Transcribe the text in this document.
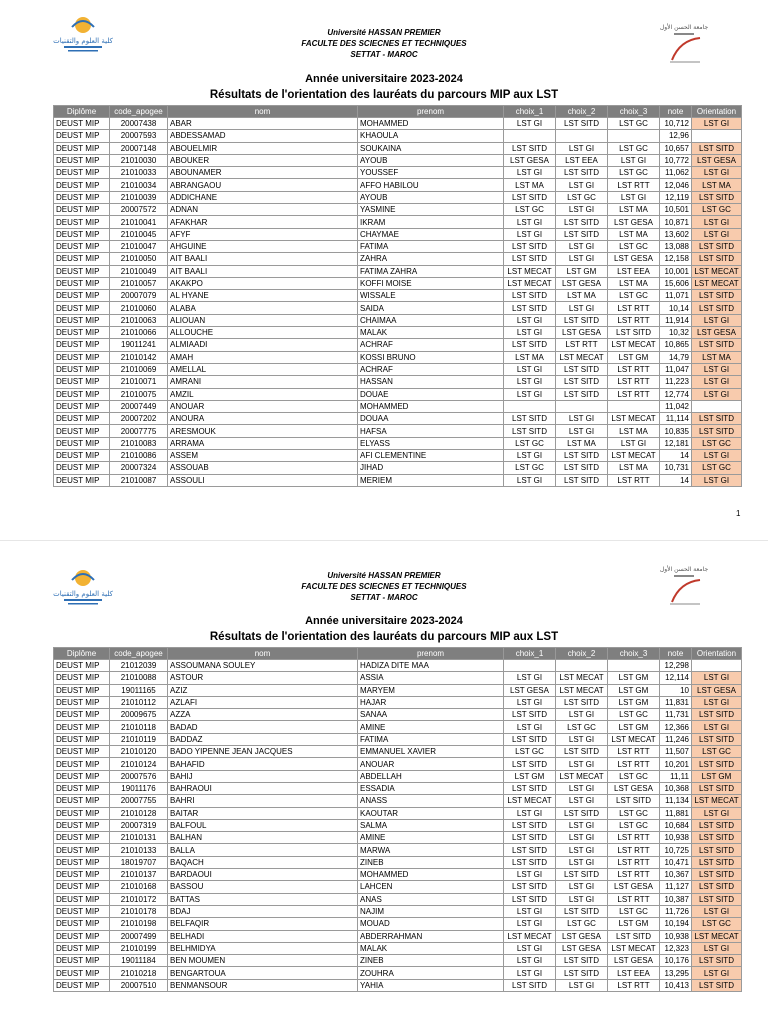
كلية العلوم والتقنيات
Université HASSAN PREMIER
FACULTE DES SCIECNES ET TECHNIQUES
SETTAT - MAROC
جامعة الحسن الأول
Année universitaire 2023-2024
Résultats de l'orientation des lauréats du parcours MIP aux LST
Diplôme	code_apogee	nom	prenom	choix_1	choix_2	choix_3	note	Orientation
DEUST MIP	20007438	ABAR	MOHAMMED	LST GI	LST SITD	LST GC	10,712	LST GI
DEUST MIP	20007593	ABDESSAMAD	KHAOULA				12,96	
DEUST MIP	20007148	ABOUELMIR	SOUKAINA	LST SITD	LST GI	LST GC	10,657	LST SITD
DEUST MIP	21010030	ABOUKER	AYOUB	LST GESA	LST EEA	LST GI	10,772	LST GESA
DEUST MIP	21010033	ABOUNAMER	YOUSSEF	LST GI	LST SITD	LST GC	11,062	LST GI
DEUST MIP	21010034	ABRANGAOU	AFFO HABILOU	LST MA	LST GI	LST RTT	12,046	LST MA
DEUST MIP	21010039	ADDICHANE	AYOUB	LST SITD	LST GC	LST GI	12,119	LST SITD
DEUST MIP	20007572	ADNAN	YASMINE	LST GC	LST GI	LST MA	10,501	LST GC
DEUST MIP	21010041	AFAKHAR	IKRAM	LST GI	LST SITD	LST GESA	10,871	LST GI
DEUST MIP	21010045	AFYF	CHAYMAE	LST GI	LST SITD	LST MA	13,602	LST GI
DEUST MIP	21010047	AHGUINE	FATIMA	LST SITD	LST GI	LST GC	13,088	LST SITD
DEUST MIP	21010050	AIT BAALI	ZAHRA	LST SITD	LST GI	LST GESA	12,158	LST SITD
DEUST MIP	21010049	AIT BAALI	FATIMA ZAHRA	LST MECAT	LST GM	LST EEA	10,001	LST MECAT
DEUST MIP	21010057	AKAKPO	KOFFI MOISE	LST MECAT	LST GESA	LST MA	15,606	LST MECAT
DEUST MIP	20007079	AL HYANE	WISSALE	LST SITD	LST MA	LST GC	11,071	LST SITD
DEUST MIP	21010060	ALABA	SAIDA	LST SITD	LST GI	LST RTT	10,14	LST SITD
DEUST MIP	21010063	ALIOUAN	CHAIMAA	LST GI	LST SITD	LST RTT	11,914	LST GI
DEUST MIP	21010066	ALLOUCHE	MALAK	LST GI	LST GESA	LST SITD	10,32	LST GESA
DEUST MIP	19011241	ALMIAADI	ACHRAF	LST SITD	LST RTT	LST MECAT	10,865	LST SITD
DEUST MIP	21010142	AMAH	KOSSI BRUNO	LST MA	LST MECAT	LST GM	14,79	LST MA
DEUST MIP	21010069	AMELLAL	ACHRAF	LST GI	LST SITD	LST RTT	11,047	LST GI
DEUST MIP	21010071	AMRANI	HASSAN	LST GI	LST SITD	LST RTT	11,223	LST GI
DEUST MIP	21010075	AMZIL	DOUAE	LST GI	LST SITD	LST RTT	12,774	LST GI
DEUST MIP	20007449	ANOUAR	MOHAMMED				11,042	
DEUST MIP	20007202	ANOURA	DOUAA	LST SITD	LST GI	LST MECAT	11,114	LST SITD
DEUST MIP	20007775	ARESMOUK	HAFSA	LST SITD	LST GI	LST MA	10,835	LST SITD
DEUST MIP	21010083	ARRAMA	ELYASS	LST GC	LST MA	LST GI	12,181	LST GC
DEUST MIP	21010086	ASSEM	AFI CLEMENTINE	LST GI	LST SITD	LST MECAT	14	LST GI
DEUST MIP	20007324	ASSOUAB	JIHAD	LST GC	LST SITD	LST MA	10,731	LST GC
DEUST MIP	21010087	ASSOULI	MERIEM	LST GI	LST SITD	LST RTT	14	LST GI
1
كلية العلوم والتقنيات
Université HASSAN PREMIER
FACULTE DES SCIECNES ET TECHNIQUES
SETTAT - MAROC
جامعة الحسن الأول
Année universitaire 2023-2024
Résultats de l'orientation des lauréats du parcours MIP aux LST
Diplôme	code_apogee	nom	prenom	choix_1	choix_2	choix_3	note	Orientation
DEUST MIP	21012039	ASSOUMANA SOULEY	HADIZA DITE MAA				12,298	
DEUST MIP	21010088	ASTOUR	ASSIA	LST GI	LST MECAT	LST GM	12,114	LST GI
DEUST MIP	19011165	AZIZ	MARYEM	LST GESA	LST MECAT	LST GM	10	LST GESA
DEUST MIP	21010112	AZLAFI	HAJAR	LST GI	LST SITD	LST GM	11,831	LST GI
DEUST MIP	20009675	AZZA	SANAA	LST SITD	LST GI	LST GC	11,731	LST SITD
DEUST MIP	21010118	BADAD	AMINE	LST GI	LST GC	LST GM	12,366	LST GI
DEUST MIP	21010119	BADDAZ	FATIMA	LST SITD	LST GI	LST MECAT	11,246	LST SITD
DEUST MIP	21010120	BADO YIPENNE JEAN JACQUES	EMMANUEL XAVIER	LST GC	LST SITD	LST RTT	11,507	LST GC
DEUST MIP	21010124	BAHAFID	ANOUAR	LST SITD	LST GI	LST RTT	10,201	LST SITD
DEUST MIP	20007576	BAHIJ	ABDELLAH	LST GM	LST MECAT	LST GC	11,11	LST GM
DEUST MIP	19011176	BAHRAOUI	ESSADIA	LST SITD	LST GI	LST GESA	10,368	LST SITD
DEUST MIP	20007755	BAHRI	ANASS	LST MECAT	LST GI	LST SITD	11,134	LST MECAT
DEUST MIP	21010128	BAITAR	KAOUTAR	LST GI	LST SITD	LST GC	11,881	LST GI
DEUST MIP	20007319	BALFOUL	SALMA	LST SITD	LST GI	LST GC	10,684	LST SITD
DEUST MIP	21010131	BALHAN	AMINE	LST SITD	LST GI	LST RTT	10,938	LST SITD
DEUST MIP	21010133	BALLA	MARWA	LST SITD	LST GI	LST RTT	10,725	LST SITD
DEUST MIP	18019707	BAQACH	ZINEB	LST SITD	LST GI	LST RTT	10,471	LST SITD
DEUST MIP	21010137	BARDAOUI	MOHAMMED	LST GI	LST SITD	LST RTT	10,367	LST SITD
DEUST MIP	21010168	BASSOU	LAHCEN	LST SITD	LST GI	LST GESA	11,127	LST SITD
DEUST MIP	21010172	BATTAS	ANAS	LST SITD	LST GI	LST RTT	10,387	LST SITD
DEUST MIP	21010178	BDAJ	NAJIM	LST GI	LST SITD	LST GC	11,726	LST GI
DEUST MIP	21010198	BELFAQIR	MOUAD	LST GI	LST GC	LST GM	10,194	LST GC
DEUST MIP	20007499	BELHADI	ABDERRAHMAN	LST MECAT	LST GESA	LST SITD	10,938	LST MECAT
DEUST MIP	21010199	BELHMIDYA	MALAK	LST GI	LST GESA	LST MECAT	12,323	LST GI
DEUST MIP	19011184	BEN MOUMEN	ZINEB	LST GI	LST SITD	LST GESA	10,176	LST SITD
DEUST MIP	21010218	BENGARTOUA	ZOUHRA	LST GI	LST SITD	LST EEA	13,295	LST GI
DEUST MIP	20007510	BENMANSOUR	YAHIA	LST SITD	LST GI	LST RTT	10,413	LST SITD
